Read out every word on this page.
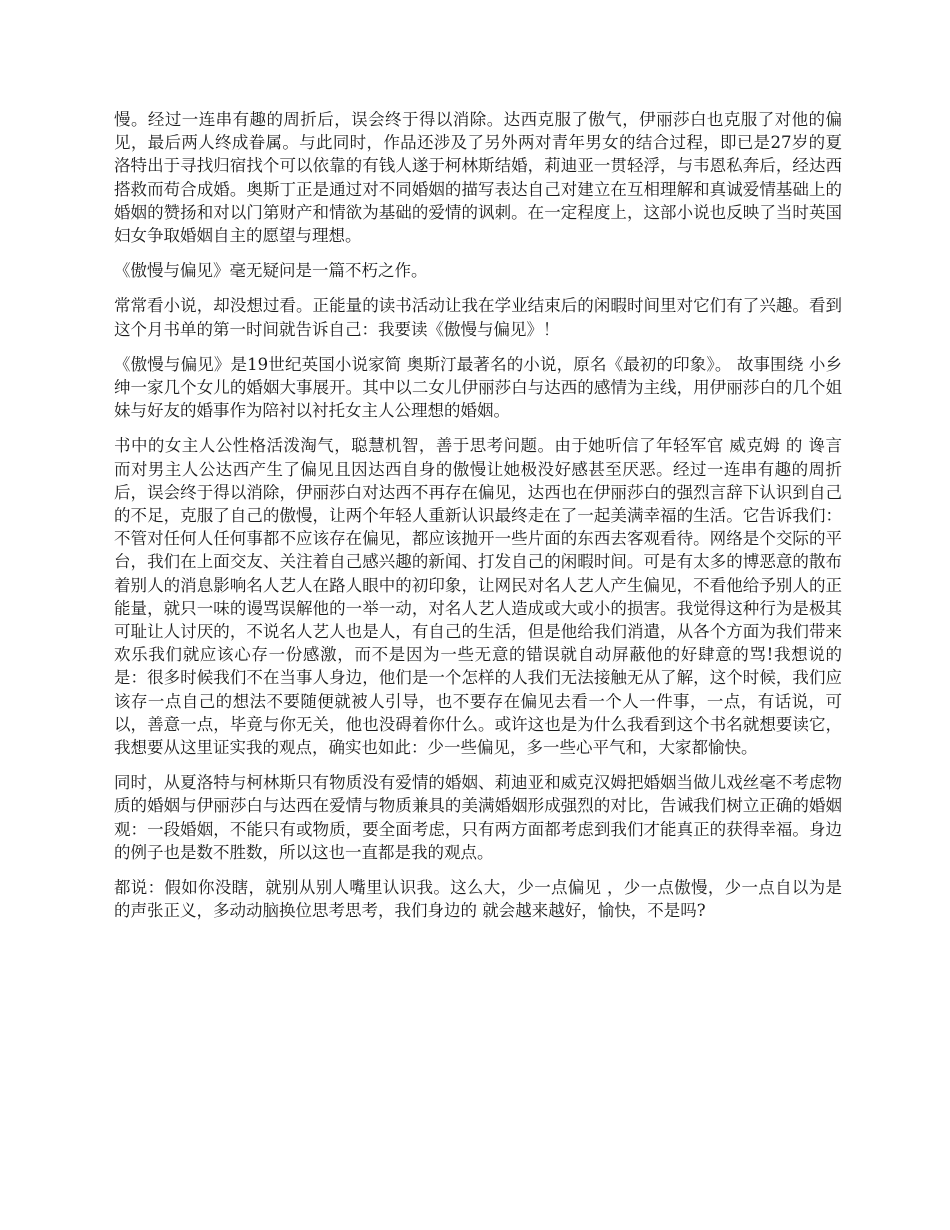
慢。经过一连串有趣的周折后，误会终于得以消除。达西克服了傲气，伊丽莎白也克服了对他的偏见，最后两人终成眷属。与此同时，作品还涉及了另外两对青年男女的结合过程，即已是27岁的夏洛特出于寻找归宿找个可以依靠的有钱人遂于柯林斯结婚，莉迪亚一贯轻浮，与韦恩私奔后，经达西搭救而苟合成婚。奥斯丁正是通过对不同婚姻的描写表达自己对建立在互相理解和真诚爱情基础上的婚姻的赞扬和对以门第财产和情欲为基础的爱情的讽刺。在一定程度上，这部小说也反映了当时英国妇女争取婚姻自主的愿望与理想。

《傲慢与偏见》毫无疑问是一篇不朽之作。

常常看小说，却没想过看。正能量的读书活动让我在学业结束后的闲暇时间里对它们有了兴趣。看到这个月书单的第一时间就告诉自己：我要读《傲慢与偏见》！

《傲慢与偏见》是19世纪英国小说家简 奥斯汀最著名的小说，原名《最初的印象》。 故事围绕 小乡绅一家几个女儿的婚姻大事展开。其中以二女儿伊丽莎白与达西的感情为主线，用伊丽莎白的几个姐妹与好友的婚事作为陪衬以衬托女主人公理想的婚姻。

书中的女主人公性格活泼淘气，聪慧机智，善于思考问题。由于她听信了年轻军官 威克姆 的 谗言 而对男主人公达西产生了偏见且因达西自身的傲慢让她极没好感甚至厌恶。经过一连串有趣的周折后，误会终于得以消除，伊丽莎白对达西不再存在偏见，达西也在伊丽莎白的强烈言辞下认识到自己的不足，克服了自己的傲慢，让两个年轻人重新认识最终走在了一起美满幸福的生活。它告诉我们：不管对任何人任何事都不应该存在偏见，都应该抛开一些片面的东西去客观看待。网络是个交际的平台，我们在上面交友、关注着自己感兴趣的新闻、打发自己的闲暇时间。可是有太多的博恶意的散布着别人的消息影响名人艺人在路人眼中的初印象，让网民对名人艺人产生偏见，不看他给予别人的正能量，就只一味的谩骂误解他的一举一动，对名人艺人造成或大或小的损害。我觉得这种行为是极其可耻让人讨厌的，不说名人艺人也是人，有自己的生活，但是他给我们消遣，从各个方面为我们带来欢乐我们就应该心存一份感激，而不是因为一些无意的错误就自动屏蔽他的好肆意的骂!我想说的是：很多时候我们不在当事人身边，他们是一个怎样的人我们无法接触无从了解，这个时候，我们应该存一点自己的想法不要随便就被人引导，也不要存在偏见去看一个人一件事，一点，有话说，可以，善意一点，毕竟与你无关，他也没碍着你什么。或许这也是为什么我看到这个书名就想要读它，我想要从这里证实我的观点，确实也如此：少一些偏见，多一些心平气和，大家都愉快。

同时，从夏洛特与柯林斯只有物质没有爱情的婚姻、莉迪亚和威克汉姆把婚姻当做儿戏丝毫不考虑物质的婚姻与伊丽莎白与达西在爱情与物质兼具的美满婚姻形成强烈的对比，告诫我们树立正确的婚姻观：一段婚姻，不能只有或物质，要全面考虑，只有两方面都考虑到我们才能真正的获得幸福。身边的例子也是数不胜数，所以这也一直都是我的观点。

都说：假如你没瞎，就别从别人嘴里认识我。这么大，少一点偏见 ，少一点傲慢，少一点自以为是的声张正义，多动动脑换位思考思考，我们身边的 就会越来越好，愉快，不是吗?
